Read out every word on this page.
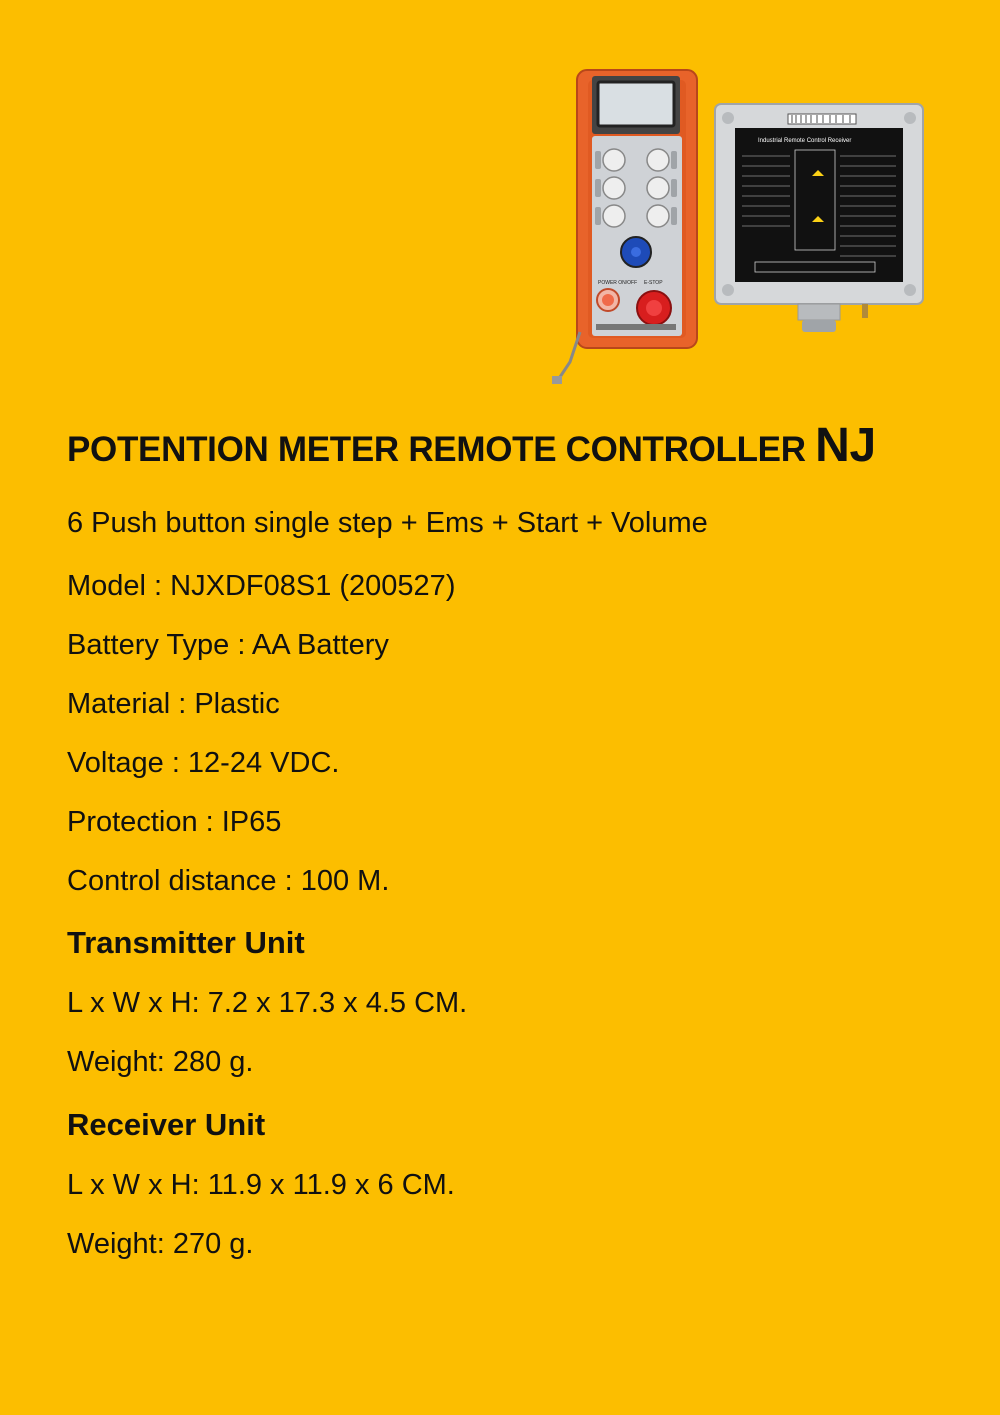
POWER ON/OFF E-STOP
Industrial Remote Control Receiver
POTENTION METER REMOTE CONTROLLER NJ

6 Push button single step + Ems + Start + Volume

Model : NJXDF08S1 (200527)

Battery Type : AA Battery

Material : Plastic

Voltage : 12-24 VDC.

Protection : IP65

Control distance : 100 M.

Transmitter Unit

L x W x H: 7.2 x 17.3 x 4.5 CM.

Weight: 280 g.

Receiver Unit

L x W x H: 11.9 x 11.9 x 6 CM.

Weight: 270 g.
